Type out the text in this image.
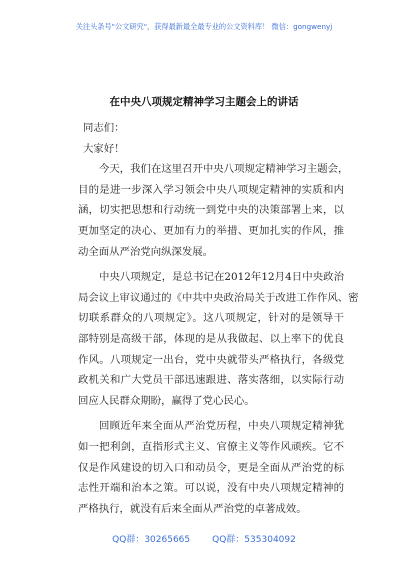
关注头条号"公文研究"，获得最新最全最专业的公文资料库！ 微信：gongwenyj
在中央八项规定精神学习主题会上的讲话
同志们：
大家好！
今天，我们在这里召开中央八项规定精神学习主题会，
目的是进一步深入学习领会中央八项规定精神的实质和内
涵，切实把思想和行动统一到党中央的决策部署上来，以
更加坚定的决心、更加有力的举措、更加扎实的作风，推
动全面从严治党向纵深发展。
中央八项规定，是总书记在2012年12月4日中央政治
局会议上审议通过的《中共中央政治局关于改进工作作风、密
切联系群众的八项规定》。这八项规定，针对的是领导干
部特别是高级干部，体现的是从我做起、以上率下的优良
作风。八项规定一出台，党中央就带头严格执行，各级党
政机关和广大党员干部迅速跟进、落实落细，以实际行动
回应人民群众期盼，赢得了党心民心。
回顾近年来全面从严治党历程，中央八项规定精神犹
如一把利剑，直指形式主义、官僚主义等作风顽疾。它不
仅是作风建设的切入口和动员令，更是全面从严治党的标
志性开端和治本之策。可以说，没有中央八项规定精神的
严格执行，就没有后来全面从严治党的卓著成效。
QQ群：30265665 QQ群：535304092
